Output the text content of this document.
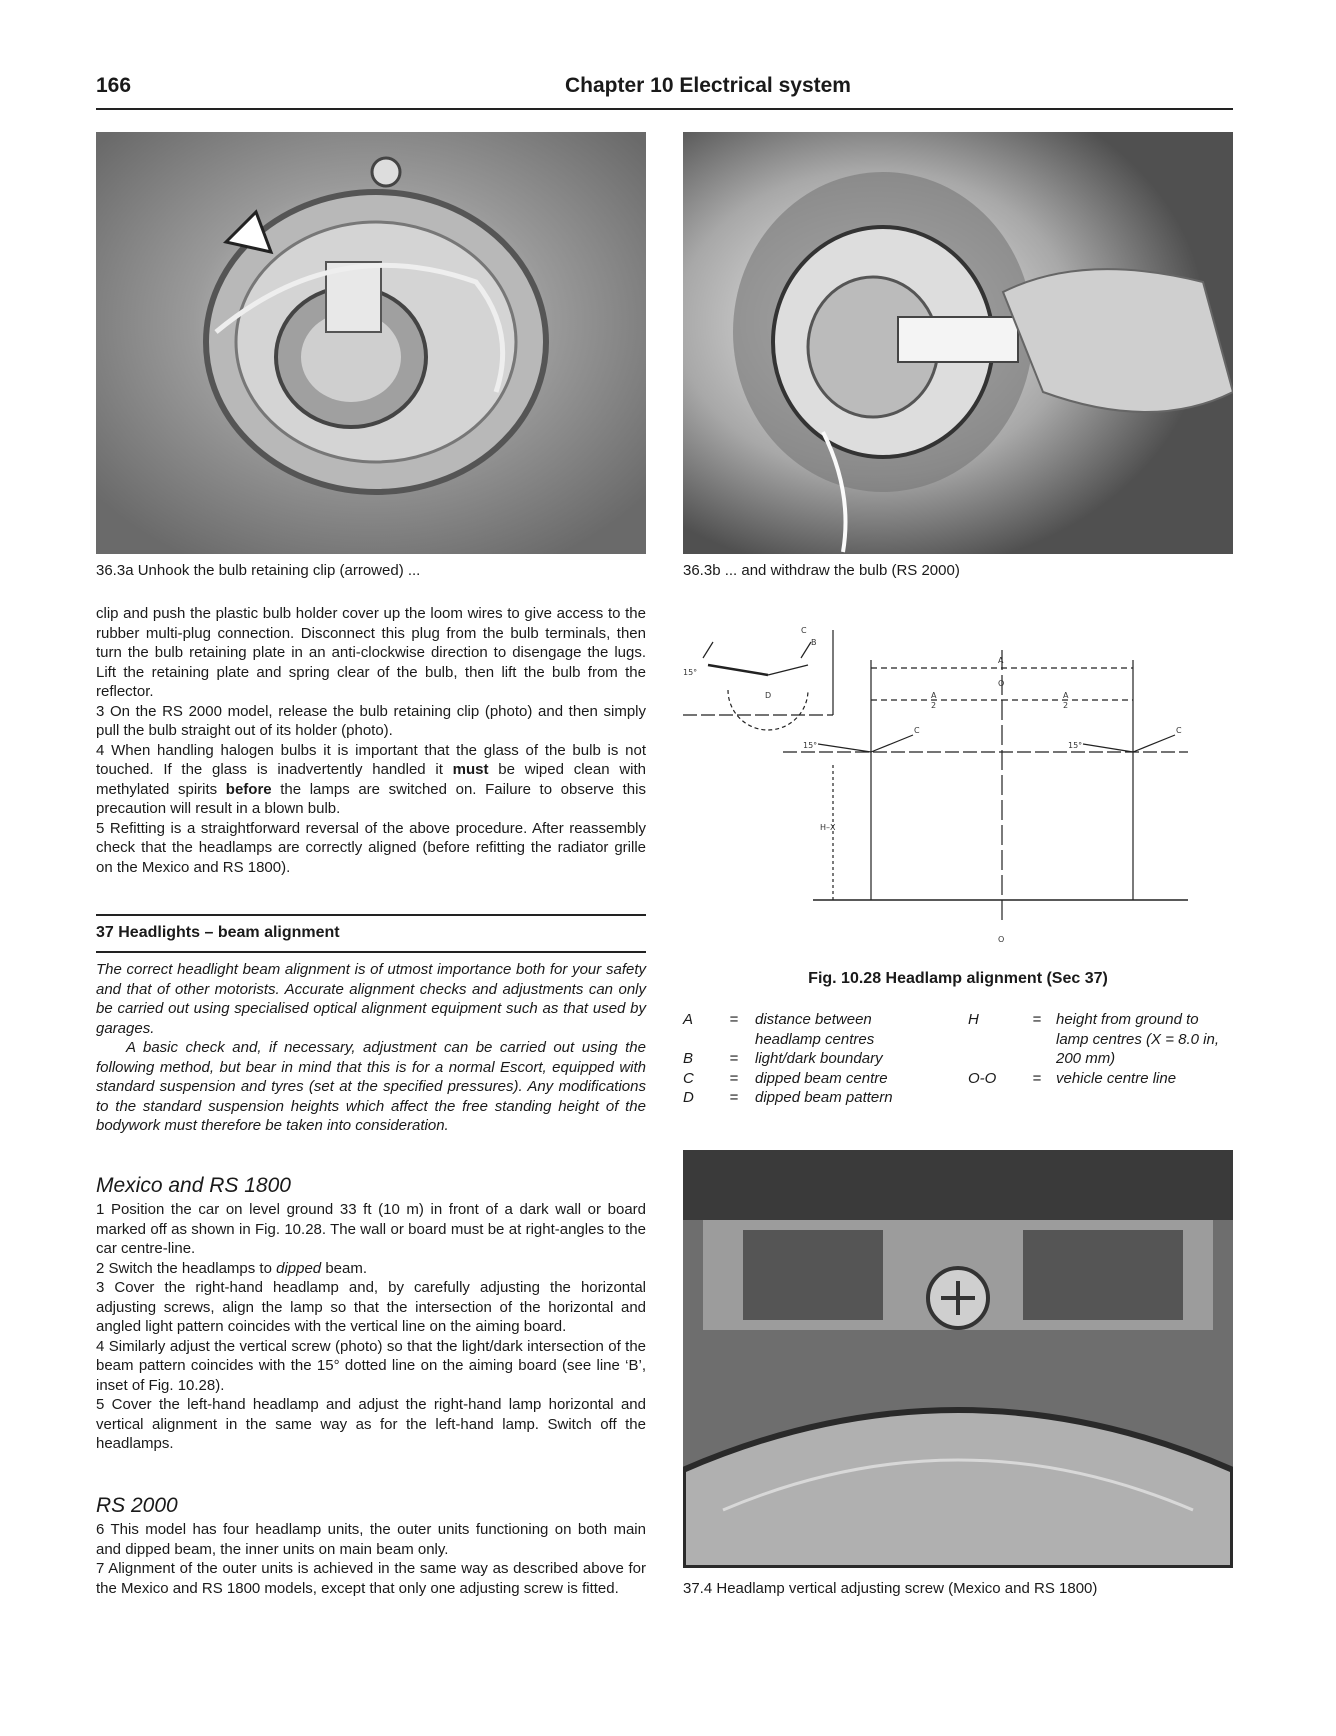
166	Chapter 10 Electrical system
36.3a Unhook the bulb retaining clip (arrowed) ...	36.3b ... and withdraw the bulb (RS 2000)

clip and push the plastic bulb holder cover up the loom wires to give access to the rubber multi-plug connection. Disconnect this plug from the bulb terminals, then turn the bulb retaining plate in an anti-clockwise direction to disengage the lugs. Lift the retaining plate and spring clear of the bulb, then lift the bulb from the reflector.

3 On the RS 2000 model, release the bulb retaining clip (photo) and then simply pull the bulb straight out of its holder (photo).

4 When handling halogen bulbs it is important that the glass of the bulb is not touched. If the glass is inadvertently handled it must be wiped clean with methylated spirits before the lamps are switched on. Failure to observe this precaution will result in a blown bulb.

5 Refitting is a straightforward reversal of the above procedure. After reassembly check that the headlamps are correctly aligned (before refitting the radiator grille on the Mexico and RS 1800).

37 Headlights – beam alignment

The correct headlight beam alignment is of utmost importance both for your safety and that of other motorists. Accurate alignment checks and adjustments can only be carried out using specialised optical alignment equipment such as that used by garages.

A basic check and, if necessary, adjustment can be carried out using the following method, but bear in mind that this is for a normal Escort, equipped with standard suspension and tyres (set at the specified pressures). Any modifications to the standard suspension heights which affect the free standing height of the bodywork must therefore be taken into consideration.

Mexico and RS 1800

1 Position the car on level ground 33 ft (10 m) in front of a dark wall or board marked off as shown in Fig. 10.28. The wall or board must be at right-angles to the car centre-line.

2 Switch the headlamps to dipped beam.

3 Cover the right-hand headlamp and, by carefully adjusting the horizontal adjusting screws, align the lamp so that the intersection of the horizontal and angled light pattern coincides with the vertical line on the aiming board.

4 Similarly adjust the vertical screw (photo) so that the light/dark intersection of the beam pattern coincides with the 15° dotted line on the aiming board (see line ‘B’, inset of Fig. 10.28).

5 Cover the left-hand headlamp and adjust the right-hand lamp horizontal and vertical alignment in the same way as for the left-hand lamp. Switch off the headlamps.

RS 2000

6 This model has four headlamp units, the outer units functioning on both main and dipped beam, the inner units on main beam only.

7 Alignment of the outer units is achieved in the same way as described above for the Mexico and RS 1800 models, except that only one adjusting screw is fitted.

C
B
D
15°
A
O
A
2
A
2
C	C
15°	15°
H–X
O
Fig. 10.28 Headlamp alignment (Sec 37)
A	=	distance between headlamp centres
B	=	light/dark boundary
C	=	dipped beam centre
D	=	dipped beam pattern
H	= height from ground to lamp centres (X = 8.0 in, 200 mm)
O-O	= vehicle centre line
37.4 Headlamp vertical adjusting screw (Mexico and RS 1800)
